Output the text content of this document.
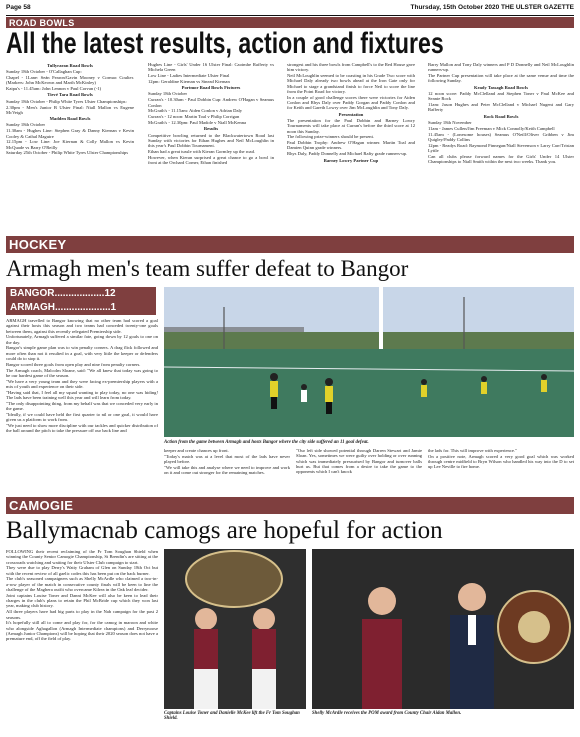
Page 58	Thursday, 15th October 2020 THE ULSTER GAZETTE
ROAD BOWLS
All the latest results, action and fixtures
Tullyraran Road Bowls

Sunday 18th October - O'Callaghan Cup:

Chapel - 1Lane: Seán Fearon/Gavin Mooney v Cormac Coulter. (Markers: John McKeown and Marth McKinley)

Kaipu's - 11.45am: John Lennon v Paul Corvan (-1)

Tievé Tara Road Bowls

Sunday 18th October - Philip White Tyres Ulster Championships:

2.30pm - Men's Junior B Ulster Final: Niall Mallon vs Eugene McVeigh

Madden Road Bowls

Sunday 18th October

11.30am - Hughes Line: Stephen Gray & Danny Kiernan v Kevin Cooley & Cathal Maguire

12.15pm - Low Line: Joe Kiernan & Colly Mallon vs Kevin McQuade vs Barry O'Reilly

Saturday 25th October - Philip White Tyres Ulster Championships

Hughes Line - Girls' Under 16 Ulster Final: Caoimhe Rafferty vs Michela Green

Low Line - Ladies Intermediate Ulster Final

12pm: Geraldine Kiernan vs Sinead Kiernan

Portmor Road Bowls Fixtures

Sunday 18th October

Curran's - 10.30am - Paul Dobbin Cup: Andrew O'Hagan v Seamus Conlon

McGrath's - 11.15am: Aiden Conlon v Adrian Daly

Curran's - 12 noon: Martin Toal v Philip Corrigan

McGrath's - 12.30pm: Paul Madole v Niall McKenna

Results

Competitive bowling returned to the Blackwatertown Road last Sunday with victories for Ethan Hughes and Neil McLoughlin in this year's Paul Dobbin Tournament.

Ethan had a great tussle with Kieran Gormley up the road.

However, when Kieran surprised a great chance to go a bowl in front at the Orchard Corner, Ethan finished

strongest and his three bowls from Campbell's to the Red House gave him victory.

Neil McLoughlin seemed to be coasting in his Grade Two score with Michael Daly already two bowls ahead at the Iron Gate only for Michael to stage a grandstand finish to force Neil to score the line from the Point Road for victory.

In a couple of good challenge scores there were victories for Aiden Conlon and Rhys Daly over Paddy Gorgan and Paddy Conlon and for Keith and Gareth Lowry over Jim McLoughlin and Tony Daly.

Presentation

The presentation for the Paul Dobbin and Barney Lowry Tournaments will take place at Curran's before the third score at 12 noon this Sunday.

The following prize-winners should be present.

Paul Dobbin Trophy: Andrew O'Hagan winner. Martin Toal and Damien Quinn grade winners.

Rhys Daly, Paddy Donnelly and Michael Rafty grade runners-up.

Barney Lowry Partner Cup

Barry Mallon and Tony Daly winners and P D Donnelly and Neil McLoughlin runners-up.

The Partner Cup presentation will take place at the same venue and time the following Sunday.

Keady Tassagh Road Bowls

12 noon score: Paddy McClelland and Stephen Toner v Paul McKee and Seanie Rock

11am: Jason Hughes and Peter McClelland v Michael Nugent and Gary Rafferty

Rock Road Bowls

Sunday 18th November

11am - James Cullen/Jim Freeman v Mick Connolly/Keith Campbell

11.45am - (Lonesome houses) Seamus O'Neill/Oliver Gribben v Jim Quigley/Paddy Collins

12pm - Readys Road: Raymond Finnegan/Niall Stevenson v Larry Carr/Tristan Lyttle

Can all clubs please forward names for the Girls' Under 14 Ulster Championships to Niall Smith within the next two weeks. Thank you.

HOCKEY
Armagh men's team suffer defeat to Bangor
BANGOR..................12
ARMAGH....................1

ARMAGH travelled to Bangor knowing that no other team had scored a goal against their hosts this season and two teams had conceded twenty-one goals between them, against this recently relegated Premiership side.

Unfortunately, Armagh suffered a similar fate, going down by 12 goals to one on the day.

Bangor's simple game plan was to win penalty corners. A drag flick followed and more often than not it resulted in a goal, with very little the keeper or defenders could do to stop it.

Bangor scored three goals from open play and nine from penalty corners.

The Armagh coach, Malcolm Sloane, said: "We all knew that today was going to be our hardest game of the season.

"We have a very young team and they were facing ex-premiership players with a mix of youth and experience on their side.

"Having said that, I feel all my squad wanting to play today, no one was hiding! The lads have been training well this year and will learn from today.

"The only disappointing thing, from my behalf was that we conceded very early in the game.

"Ideally, if we could have held the first quarter to nil or one goal, it would have given us a platform to work from.

"We just need to show more discipline with our tackles and quicker distribution of the ball around the pitch to take the pressure off our back line and

Action from the game between Armagh and hosts Bangor where the city side suffered an 11 goal defeat.

keeper and create chances up front.

"Today's match was at a level that most of the lads have never played before.

"We will take this and analyse where we need to improve and work on it and come out stronger for the remaining matches.

"Our left side showed potential through Darren Stewart and Jamie Sloan. Yes, sometimes we were guilty over holding or over running which was immediately pressurised by Bangor and turnover balls hurt us. But that comes from a desire to take the game to the opponents which I can't knock

the lads for. This will improve with experience."

On a positive note, Armagh scored a very good goal which was worked through centre midfield to Bryn Wilson who handled his way into the D to set up Lee Neville to fire home.

CAMOGIE
Ballymacnab camogs are hopeful for action

FOLLOWING their recent reclaiming of the Fr Tom Soughan Shield when winning the County Senior Camogie Championship, St Brendin's are sitting at the crossroads watching and waiting for their Ulster Club campaign to start.

They were due to play Derry's Watty Graham of Glen on Sunday 18th Oct but with the recent review of all gaelic codes this has been put on the back burner.

The club's seasoned campaigners such as Shelly McArdle who claimed a two-in-a-row player of the match in consecutive county finals will be keen to line the challenge of the Maghera outfit who overcame Kilrea in the Oak leaf decider.

Joint captains Louise Toner and Danni McKee will also be keen to lead their charges in the club's plans to retain the Phil McBride cup which they won last year, making club history.

All three players have had big parts to play in the Nab campaign for the past 2 seasons.

It's hopefully still all to come and play for, for the camog in maroon and white who alongside Aghagallon (Armagh Intermediate champions) and Derrynoose (Armagh Junior Champions) will be hoping that their 2020 season does not have a premature end, off the field of play.

Captains Louise Toner and Danielle McKee lift the Fr Tom Soughan Shield.
Shelly McArdle receives the POM award from County Chair Aidan Mallon.
